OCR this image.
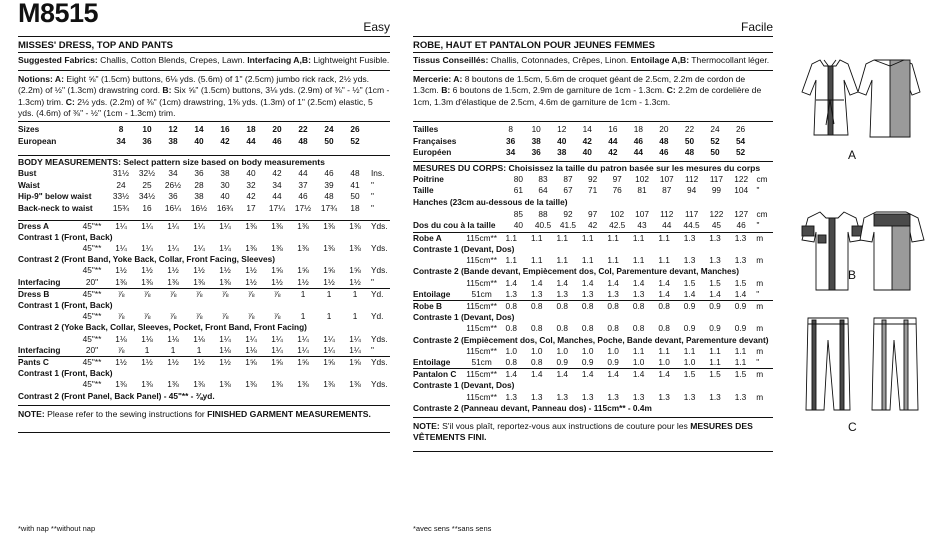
M8515	Easy
MISSES' DRESS, TOP AND PANTS
Suggested Fabrics: Challis, Cotton Blends, Crepes, Lawn. Interfacing A,B: Lightweight Fusible.
Notions: A: Eight ⅝" (1.5cm) buttons, 6⅛ yds. (5.6m) of 1" (2.5cm) jumbo rick rack, 2½ yds. (2.2m) of ½" (1.3cm) drawstring cord. B: Six ⅝" (1.5cm) buttons, 3⅛ yds. (2.9m) of ⅜" - ½" (1cm - 1.3cm) trim. C: 2½ yds. (2.2m) of ⅜" (1cm) drawstring, 1⅜ yds. (1.3m) of 1" (2.5cm) elastic, 5 yds. (4.6m) of ⅜" - ½" (1cm - 1.3cm) trim.
Sizes		8	10	12	14	16	18	20	22	24	26	
European		34	36	38	40	42	44	46	48	50	52	
BODY MEASUREMENTS: Select pattern size based on body measurements
Bust		31½	32½	34	36	38	40	42	44	46	48	Ins.
Waist		24	25	26½	28	30	32	34	37	39	41	"
Hip-9" below waist		33½	34½	36	38	40	42	44	46	48	50	"
Back-neck to waist		15¾	16	16¼	16½	16¾	17	17¼	17½	17¾	18	"
Dress A	45"**	1¼	1¼	1¼	1¼	1¼	1⅜	1⅜	1⅜	1⅜	1⅜	Yds.
Contrast 1 (Front, Back)												
	45"**	1¼	1¼	1¼	1¼	1¼	1⅜	1⅜	1⅜	1⅜	1⅜	Yds.
Contrast 2 (Front Band, Yoke Back, Collar, Front Facing, Sleeves)												
	45"**	1½	1½	1½	1½	1½	1½	1⅝	1⅝	1⅝	1⅝	Yds.
Interfacing	20"	1⅜	1⅜	1⅜	1⅜	1⅜	1½	1½	1½	1½	1½	"
Dress B	45"**	⅞	⅞	⅞	⅞	⅞	⅞	⅞	1	1	1	Yd.
Contrast 1 (Front, Back)												
	45"**	⅞	⅞	⅞	⅞	⅞	⅞	⅞	1	1	1	Yd.
Contrast 2 (Yoke Back, Collar, Sleeves, Pocket, Front Band, Front Facing)												
	45"**	1⅛	1⅛	1⅛	1⅛	1¼	1¼	1¼	1¼	1¼	1¼	Yds.
Interfacing	20"	⅞	1	1	1	1⅛	1⅛	1¼	1¼	1¼	1¼	"
Pants C	45"**	1½	1½	1½	1½	1½	1⅝	1⅝	1⅝	1⅝	1⅝	Yds.
Contrast 1 (Front, Back)												
	45"**	1⅜	1⅜	1⅜	1⅜	1⅜	1⅜	1⅜	1⅜	1⅜	1⅜	Yds.
Contrast 2 (Front Panel, Back Panel) - 45"** - ⅜yd.												
NOTE: Please refer to the sewing instructions for FINISHED GARMENT MEASUREMENTS.
*with nap **without nap
Facile
ROBE, HAUT ET PANTALON POUR JEUNES FEMMES
Tissus Conseillés: Challis, Cotonnades, Crêpes, Linon. Entoilage A,B: Thermocollant léger.
Mercerie: A: 8 boutons de 1.5cm, 5.6m de croquet géant de 2.5cm, 2.2m de cordon de 1.3cm. B: 6 boutons de 1.5cm, 2.9m de garniture de 1cm - 1.3cm. C: 2.2m de cordelière de 1cm, 1.3m d'élastique de 2.5cm, 4.6m de garniture de 1cm - 1.3cm.
Tailles		8	10	12	14	16	18	20	22	24	26	
Françaises		36	38	40	42	44	46	48	50	52	54	
Européen		34	36	38	40	42	44	46	48	50	52	
MESURES DU CORPS: Choisissez la taille du patron basée sur les mesures du corps
Poitrine		80	83	87	92	97	102	107	112	117	122	cm
Taille		61	64	67	71	76	81	87	94	99	104	"
Hanches (23cm au-dessous de la taille)												
		85	88	92	97	102	107	112	117	122	127	cm
Dos du cou à la taille		40	40.5	41.5	42	42.5	43	44	44.5	45	46	"
Robe A	115cm**	1.1	1.1	1.1	1.1	1.1	1.1	1.1	1.3	1.3	1.3	m
Contraste 1 (Devant, Dos)												
	115cm**	1.1	1.1	1.1	1.1	1.1	1.1	1.1	1.3	1.3	1.3	m
Contraste 2 (Bande devant, Empiècement dos, Col, Parementure devant, Manches)												
	115cm**	1.4	1.4	1.4	1.4	1.4	1.4	1.4	1.5	1.5	1.5	m
Entoilage	51cm	1.3	1.3	1.3	1.3	1.3	1.3	1.4	1.4	1.4	1.4	"
Robe B	115cm**	0.8	0.8	0.8	0.8	0.8	0.8	0.8	0.9	0.9	0.9	m
Contraste 1 (Devant, Dos)												
	115cm**	0.8	0.8	0.8	0.8	0.8	0.8	0.8	0.9	0.9	0.9	m
Contraste 2 (Empiècement dos, Col, Manches, Poche, Bande devant, Parementure devant)												
	115cm**	1.0	1.0	1.0	1.0	1.0	1.1	1.1	1.1	1.1	1.1	m
Entoilage	51cm	0.8	0.8	0.9	0.9	0.9	1.0	1.0	1.0	1.1	1.1	"
Pantalon C	115cm**	1.4	1.4	1.4	1.4	1.4	1.4	1.4	1.5	1.5	1.5	m
Contraste 1 (Devant, Dos)												
	115cm**	1.3	1.3	1.3	1.3	1.3	1.3	1.3	1.3	1.3	1.3	m
Contraste 2 (Panneau devant, Panneau dos) - 115cm** - 0.4m												
NOTE: S'il vous plaît, reportez-vous aux instructions de couture pour les MESURES DES VÊTEMENTS FINI.
*avec sens **sans sens
A
B
C
